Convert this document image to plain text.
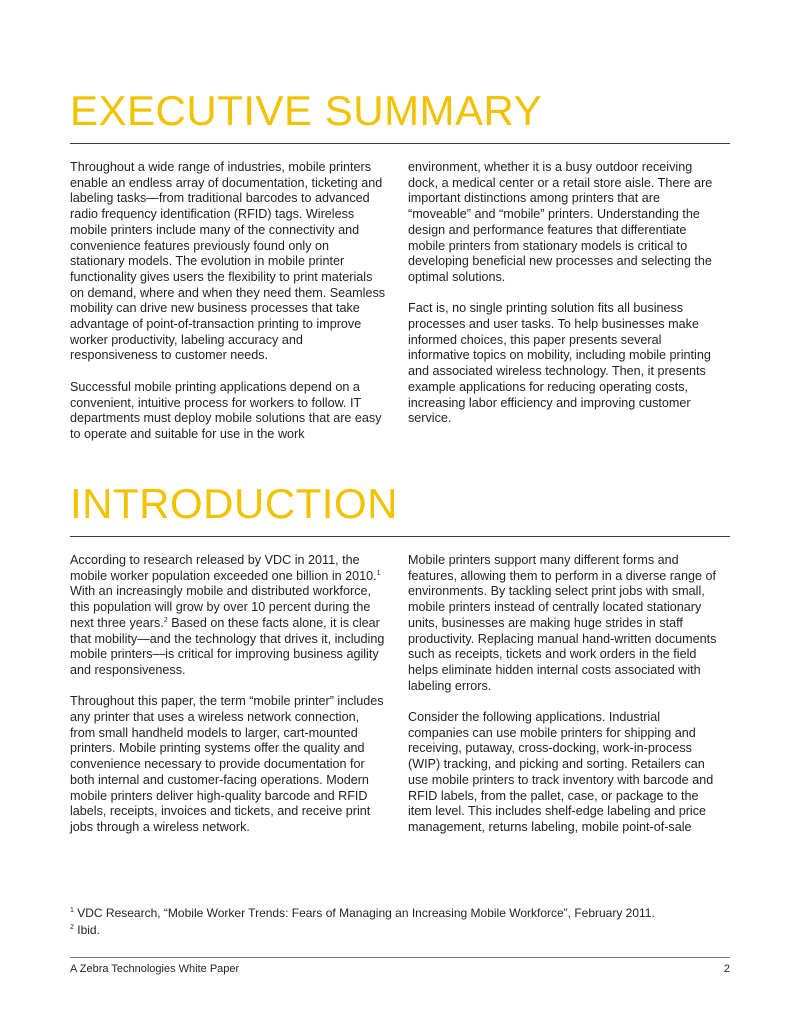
EXECUTIVE SUMMARY

Throughout a wide range of industries, mobile printers enable an endless array of documentation, ticketing and labeling tasks—from traditional barcodes to advanced radio frequency identification (RFID) tags. Wireless mobile printers include many of the connectivity and convenience features previously found only on stationary models. The evolution in mobile printer functionality gives users the flexibility to print materials on demand, where and when they need them. Seamless mobility can drive new business processes that take advantage of point-of-transaction printing to improve worker productivity, labeling accuracy and responsiveness to customer needs.

Successful mobile printing applications depend on a convenient, intuitive process for workers to follow. IT departments must deploy mobile solutions that are easy to operate and suitable for use in the work

environment, whether it is a busy outdoor receiving dock, a medical center or a retail store aisle. There are important distinctions among printers that are “moveable” and “mobile” printers. Understanding the design and performance features that differentiate mobile printers from stationary models is critical to developing beneficial new processes and selecting the optimal solutions.

Fact is, no single printing solution fits all business processes and user tasks. To help businesses make informed choices, this paper presents several informative topics on mobility, including mobile printing and associated wireless technology. Then, it presents example applications for reducing operating costs, increasing labor efficiency and improving customer service.

INTRODUCTION

According to research released by VDC in 2011, the mobile worker population exceeded one billion in 2010.$^1$ With an increasingly mobile and distributed workforce, this population will grow by over 10 percent during the next three years.$^2$ Based on these facts alone, it is clear that mobility—and the technology that drives it, including mobile printers—is critical for improving business agility and responsiveness.

Throughout this paper, the term “mobile printer” includes any printer that uses a wireless network connection, from small handheld models to larger, cart-mounted printers. Mobile printing systems offer the quality and convenience necessary to provide documentation for both internal and customer-facing operations. Modern mobile printers deliver high-quality barcode and RFID labels, receipts, invoices and tickets, and receive print jobs through a wireless network.

Mobile printers support many different forms and features, allowing them to perform in a diverse range of environments. By tackling select print jobs with small, mobile printers instead of centrally located stationary units, businesses are making huge strides in staff productivity. Replacing manual hand-written documents such as receipts, tickets and work orders in the field helps eliminate hidden internal costs associated with labeling errors.

Consider the following applications. Industrial companies can use mobile printers for shipping and receiving, putaway, cross-docking, work-in-process (WIP) tracking, and picking and sorting. Retailers can use mobile printers to track inventory with barcode and RFID labels, from the pallet, case, or package to the item level. This includes shelf-edge labeling and price management, returns labeling, mobile point-of-sale

$^1$ VDC Research, “Mobile Worker Trends: Fears of Managing an Increasing Mobile Workforce”, February 2011.

$^2$ Ibid.

A Zebra Technologies White Paper	2
